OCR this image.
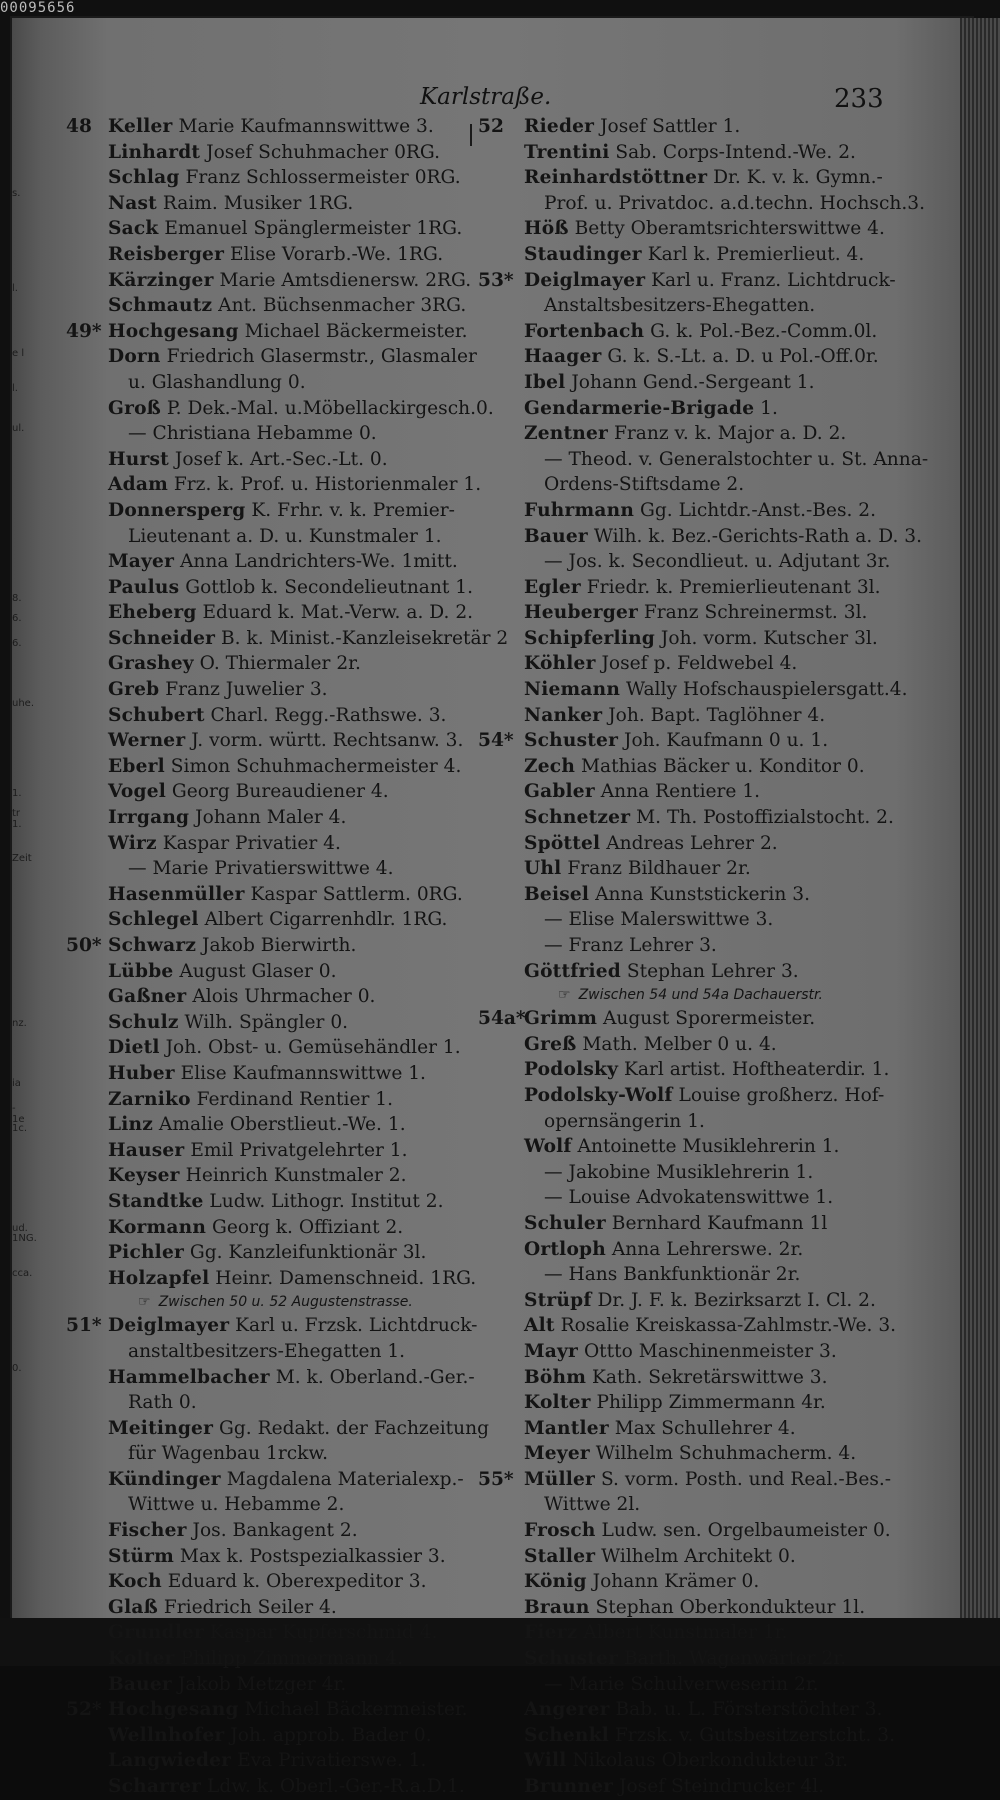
00095656
s.
l.
e l
l.
ul.
8.
6.
6.
uhe.
1.
tr 1.
Zeit
nz.
ia
- 1e
1c.
ud.
1NG.
cca.
0.
Karlstraße.	233
48 Keller Marie Kaufmannswittwe 3.
Linhardt Josef Schuhmacher 0RG.
Schlag Franz Schlossermeister 0RG.
Nast Raim. Musiker 1RG.
Sack Emanuel Spänglermeister 1RG.
Reisberger Elise Vorarb.-We. 1RG.
Kärzinger Marie Amtsdienersw. 2RG.
Schmautz Ant. Büchsenmacher 3RG.
49* Hochgesang Michael Bäckermeister.
Dorn Friedrich Glasermstr., Glasmaler
u. Glashandlung 0.
Groß P. Dek.-Mal. u.Möbellackirgesch.0.
— Christiana Hebamme 0.
Hurst Josef k. Art.-Sec.-Lt. 0.
Adam Frz. k. Prof. u. Historienmaler 1.
Donnersperg K. Frhr. v. k. Premier-
Lieutenant a. D. u. Kunstmaler 1.
Mayer Anna Landrichters-We. 1mitt.
Paulus Gottlob k. Secondelieutnant 1.
Eheberg Eduard k. Mat.-Verw. a. D. 2.
Schneider B. k. Minist.-Kanzleisekretär 2
Grashey O. Thiermaler 2r.
Greb Franz Juwelier 3.
Schubert Charl. Regg.-Rathswe. 3.
Werner J. vorm. württ. Rechtsanw. 3.
Eberl Simon Schuhmachermeister 4.
Vogel Georg Bureaudiener 4.
Irrgang Johann Maler 4.
Wirz Kaspar Privatier 4.
— Marie Privatierswittwe 4.
Hasenmüller Kaspar Sattlerm. 0RG.
Schlegel Albert Cigarrenhdlr. 1RG.
50* Schwarz Jakob Bierwirth.
Lübbe August Glaser 0.
Gaßner Alois Uhrmacher 0.
Schulz Wilh. Spängler 0.
Dietl Joh. Obst- u. Gemüsehändler 1.
Huber Elise Kaufmannswittwe 1.
Zarniko Ferdinand Rentier 1.
Linz Amalie Oberstlieut.-We. 1.
Hauser Emil Privatgelehrter 1.
Keyser Heinrich Kunstmaler 2.
Standtke Ludw. Lithogr. Institut 2.
Kormann Georg k. Offiziant 2.
Pichler Gg. Kanzleifunktionär 3l.
Holzapfel Heinr. Damenschneid. 1RG.
☞ Zwischen 50 u. 52 Augustenstrasse.
51* Deiglmayer Karl u. Frzsk. Lichtdruck-
anstaltbesitzers-Ehegatten 1.
Hammelbacher M. k. Oberland.-Ger.-
Rath 0.
Meitinger Gg. Redakt. der Fachzeitung
für Wagenbau 1rckw.
Kündinger Magdalena Materialexp.-
Wittwe u. Hebamme 2.
Fischer Jos. Bankagent 2.
Stürm Max k. Postspezialkassier 3.
Koch Eduard k. Oberexpeditor 3.
Glaß Friedrich Seiler 4.
Grundler Kaspar Kupferschmid 4.
Kolter Philipp Zimmermann 4.
Bauer Jakob Metzger 4r.
52* Hochgesang Michael Bäckermeister.
Wellnhofer Joh. approb. Bader 0.
Langwieder Eva Privatierswe. 1.
Scharrer Ldw. k. Oberl.-Ger.-R.a.D.1.
52	Rieder Josef Sattler 1.
Trentini Sab. Corps-Intend.-We. 2.
Reinhardstöttner Dr. K. v. k. Gymn.-
Prof. u. Privatdoc. a.d.techn. Hochsch.3.
Höß Betty Oberamtsrichterswittwe 4.
Staudinger Karl k. Premierlieut. 4.
53* Deiglmayer Karl u. Franz. Lichtdruck-
Anstaltsbesitzers-Ehegatten.
Fortenbach G. k. Pol.-Bez.-Comm.0l.
Haager G. k. S.-Lt. a. D. u Pol.-Off.0r.
Ibel Johann Gend.-Sergeant 1.
Gendarmerie-Brigade 1.
Zentner Franz v. k. Major a. D. 2.
— Theod. v. Generalstochter u. St. Anna-
Ordens-Stiftsdame 2.
Fuhrmann Gg. Lichtdr.-Anst.-Bes. 2.
Bauer Wilh. k. Bez.-Gerichts-Rath a. D. 3.
— Jos. k. Secondlieut. u. Adjutant 3r.
Egler Friedr. k. Premierlieutenant 3l.
Heuberger Franz Schreinermst. 3l.
Schipferling Joh. vorm. Kutscher 3l.
Köhler Josef p. Feldwebel 4.
Niemann Wally Hofschauspielersgatt.4.
Nanker Joh. Bapt. Taglöhner 4.
54* Schuster Joh. Kaufmann 0 u. 1.
Zech Mathias Bäcker u. Konditor 0.
Gabler Anna Rentiere 1.
Schnetzer M. Th. Postoffizialstocht. 2.
Spöttel Andreas Lehrer 2.
Uhl Franz Bildhauer 2r.
Beisel Anna Kunststickerin 3.
— Elise Malerswittwe 3.
— Franz Lehrer 3.
Göttfried Stephan Lehrer 3.
☞ Zwischen 54 und 54a Dachauerstr.
54a*
Grimm August Sporermeister.
Greß Math. Melber 0 u. 4.
Podolsky Karl artist. Hoftheaterdir. 1.
Podolsky-Wolf Louise großherz. Hof-
opernsängerin 1.
Wolf Antoinette Musiklehrerin 1.
— Jakobine Musiklehrerin 1.
— Louise Advokatenswittwe 1.
Schuler Bernhard Kaufmann 1l
Ortloph Anna Lehrerswe. 2r.
— Hans Bankfunktionär 2r.
Strüpf Dr. J. F. k. Bezirksarzt I. Cl. 2.
Alt Rosalie Kreiskassa-Zahlmstr.-We. 3.
Mayr Ottto Maschinenmeister 3.
Böhm Kath. Sekretärswittwe 3.
Kolter Philipp Zimmermann 4r.
Mantler Max Schullehrer 4.
Meyer Wilhelm Schuhmacherm. 4.
55* Müller S. vorm. Posth. und Real.-Bes.-
Wittwe 2l.
Frosch Ludw. sen. Orgelbaumeister 0.
Staller Wilhelm Architekt 0.
König Johann Krämer 0.
Braun Stephan Oberkondukteur 1l.
Fierz Albert Kunstmaler 1r.
Schuster Barth. Wagenwärter 2r.
— Marie Schulverweserin 2r.
Angerer Bab. u. L. Försterstöchter 3.
Schenkl Frzsk. v. Gutsbesitzerstcht. 3.
Will Nikolaus Oberkondukteur 3r.
Brunner Josef Steindrucker 4l.
